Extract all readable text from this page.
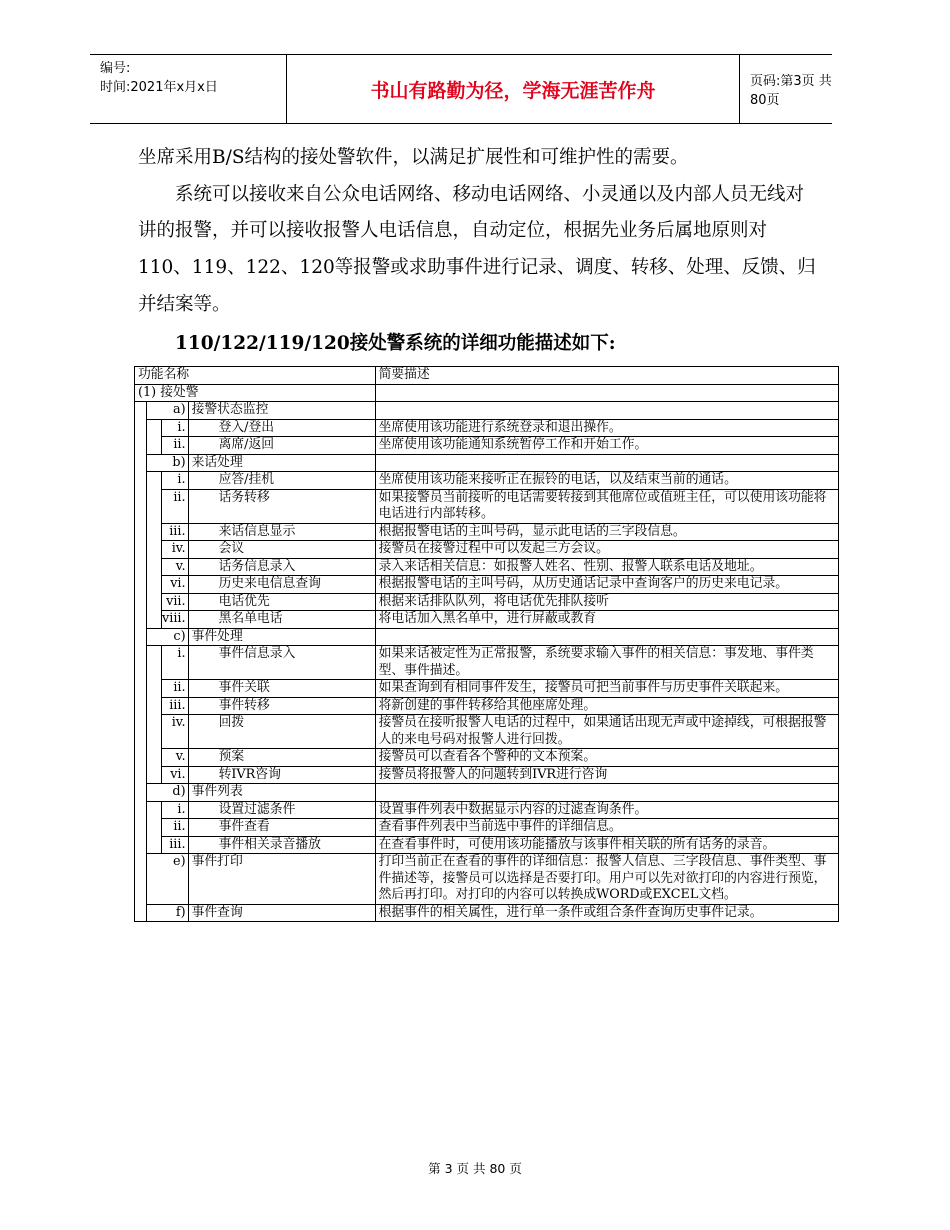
编号:
时间:2021年x月x日	书山有路勤为径，学海无涯苦作舟	页码:第3页 共80页

坐席采用B/S结构的接处警软件，以满足扩展性和可维护性的需要。

系统可以接收来自公众电话网络、移动电话网络、小灵通以及内部人员无线对讲的报警，并可以接收报警人电话信息，自动定位，根据先业务后属地原则对110、119、122、120等报警或求助事件进行记录、调度、转移、处理、反馈、归并结案等。

110/122/119/120接处警系统的详细功能描述如下:
功能名称				简要描述
(1) 接处警				
	a)		接警状态监控	
		i.	登入/登出	坐席使用该功能进行系统登录和退出操作。
		ii.	离席/返回	坐席使用该功能通知系统暂停工作和开始工作。
	b)		来话处理	
		i.	应答/挂机	坐席使用该功能来接听正在振铃的电话，以及结束当前的通话。
		ii.	话务转移	如果接警员当前接听的电话需要转接到其他席位或值班主任，可以使用该功能将电话进行内部转移。
		iii.	来话信息显示	根据报警电话的主叫号码，显示此电话的三字段信息。
		iv.	会议	接警员在接警过程中可以发起三方会议。
		v.	话务信息录入	录入来话相关信息：如报警人姓名、性别、报警人联系电话及地址。
		vi.	历史来电信息查询	根据报警电话的主叫号码，从历史通话记录中查询客户的历史来电记录。
		vii.	电话优先	根据来话排队队列，将电话优先排队接听
		viii.	黑名单电话	将电话加入黑名单中，进行屏蔽或教育
	c)		事件处理	
		i.	事件信息录入	如果来话被定性为正常报警，系统要求输入事件的相关信息：事发地、事件类型、事件描述。
		ii.	事件关联	如果查询到有相同事件发生，接警员可把当前事件与历史事件关联起来。
		iii.	事件转移	将新创建的事件转移给其他座席处理。
		iv.	回拨	接警员在接听报警人电话的过程中，如果通话出现无声或中途掉线，可根据报警人的来电号码对报警人进行回拨。
		v.	预案	接警员可以查看各个警种的文本预案。
		vi.	转IVR咨询	接警员将报警人的问题转到IVR进行咨询
	d)		事件列表	
		i.	设置过滤条件	设置事件列表中数据显示内容的过滤查询条件。
		ii.	事件查看	查看事件列表中当前选中事件的详细信息。
		iii.	事件相关录音播放	在查看事件时，可使用该功能播放与该事件相关联的所有话务的录音。
	e)		事件打印	打印当前正在查看的事件的详细信息：报警人信息、三字段信息、事件类型、事件描述等，接警员可以选择是否要打印。用户可以先对欲打印的内容进行预览，然后再打印。对打印的内容可以转换成WORD或EXCEL文档。
	f)		事件查询	根据事件的相关属性，进行单一条件或组合条件查询历史事件记录。
第 3 页 共 80 页
